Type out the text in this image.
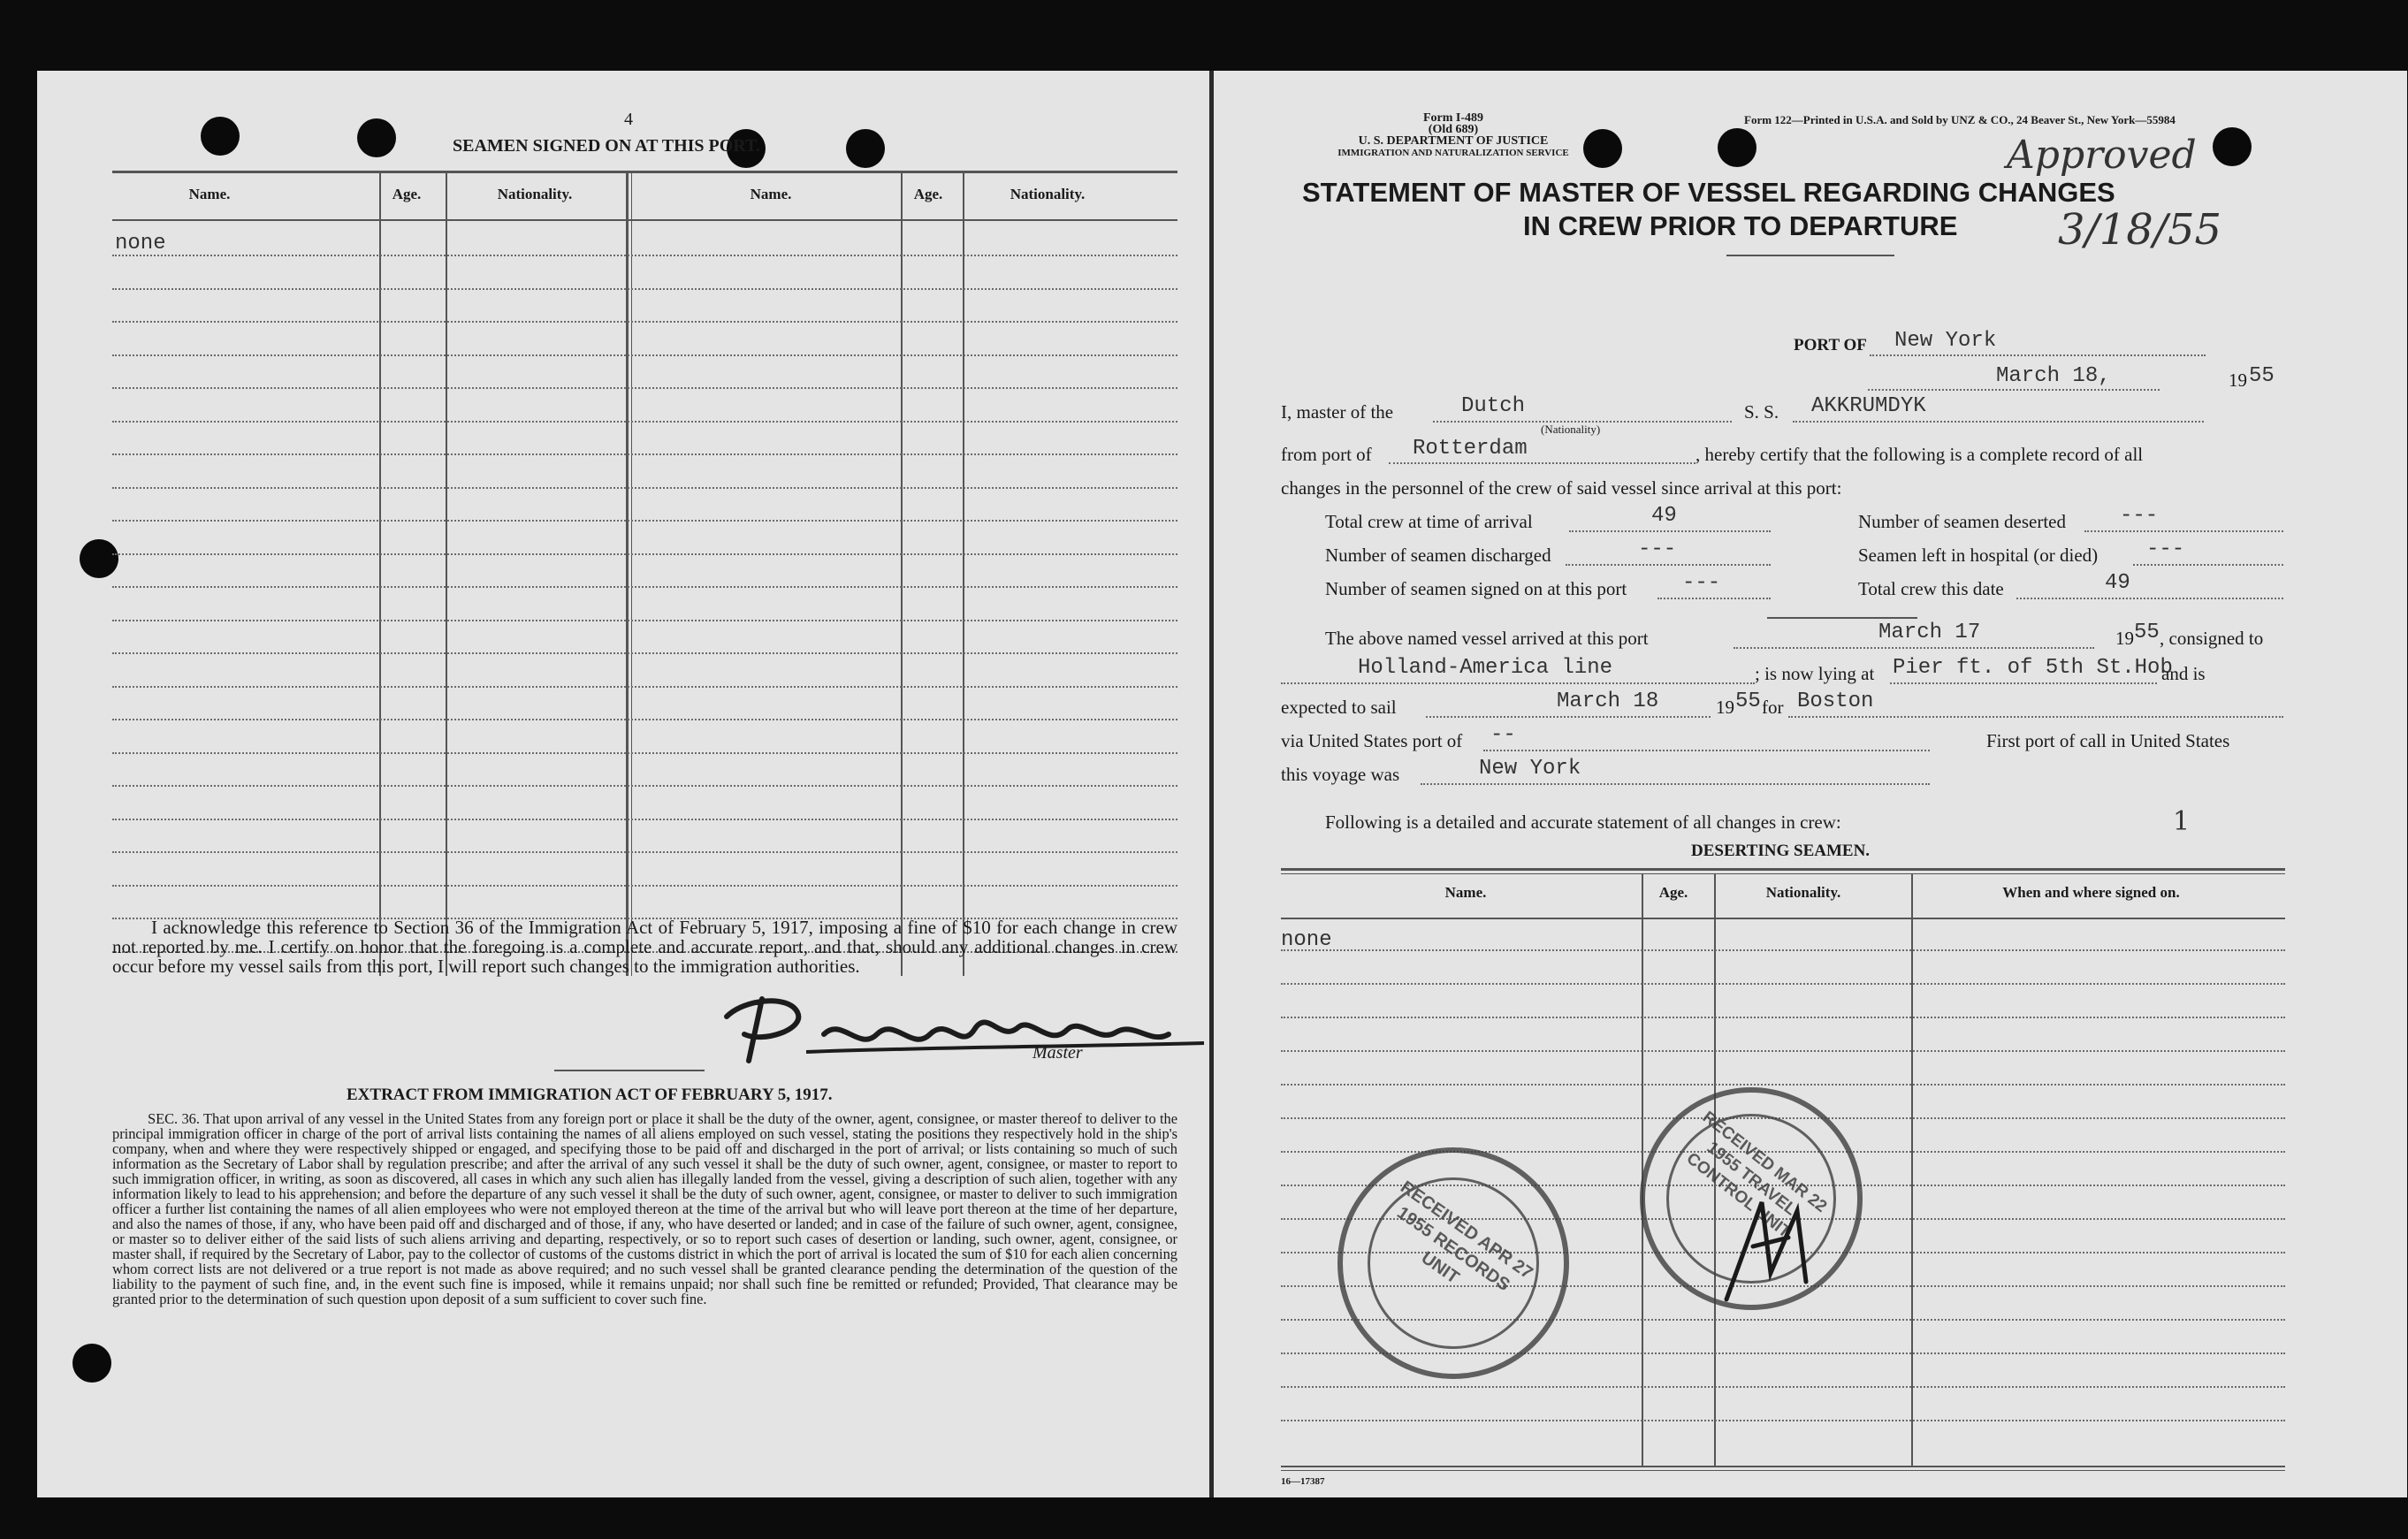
4
SEAMEN SIGNED ON AT THIS PORT.
Name.	Age.	Nationality.	Name.	Age.	Nationality.
none
I acknowledge this reference to Section 36 of the Immigration Act of February 5, 1917, imposing a fine of $10 for each change in crew not reported by me. I certify on honor that the foregoing is a complete and accurate report, and that, should any additional changes in crew occur before my vessel sails from this port, I will report such changes to the immigration authorities.
Master
EXTRACT FROM IMMIGRATION ACT OF FEBRUARY 5, 1917.
SEC. 36. That upon arrival of any vessel in the United States from any foreign port or place it shall be the duty of the owner, agent, consignee, or master thereof to deliver to the principal immigration officer in charge of the port of arrival lists containing the names of all aliens employed on such vessel, stating the positions they respectively hold in the ship's company, when and where they were respectively shipped or engaged, and specifying those to be paid off and discharged in the port of arrival; or lists containing so much of such information as the Secretary of Labor shall by regulation prescribe; and after the arrival of any such vessel it shall be the duty of such owner, agent, consignee, or master to report to such immigration officer, in writing, as soon as discovered, all cases in which any such alien has illegally landed from the vessel, giving a description of such alien, together with any information likely to lead to his apprehension; and before the departure of any such vessel it shall be the duty of such owner, agent, consignee, or master to deliver to such immigration officer a further list containing the names of all alien employees who were not employed thereon at the time of the arrival but who will leave port thereon at the time of her departure, and also the names of those, if any, who have been paid off and discharged and of those, if any, who have deserted or landed; and in case of the failure of such owner, agent, consignee, or master so to deliver either of the said lists of such aliens arriving and departing, respectively, or so to report such cases of desertion or landing, such owner, agent, consignee, or master shall, if required by the Secretary of Labor, pay to the collector of customs of the customs district in which the port of arrival is located the sum of $10 for each alien concerning whom correct lists are not delivered or a true report is not made as above required; and no such vessel shall be granted clearance pending the determination of the question of the liability to the payment of such fine, and, in the event such fine is imposed, while it remains unpaid; nor shall such fine be remitted or refunded; Provided, That clearance may be granted prior to the determination of such question upon deposit of a sum sufficient to cover such fine.
Form I-489
(Old 689)
U. S. DEPARTMENT OF JUSTICE
IMMIGRATION AND NATURALIZATION SERVICE
Form 122—Printed in U.S.A. and Sold by UNZ & CO., 24 Beaver St., New York—55984
Approved
3/18/55
STATEMENT OF MASTER OF VESSEL REGARDING CHANGES
IN CREW PRIOR TO DEPARTURE
PORT OF New York
March 18,	19 55
I, master of the	Dutch
(Nationality)
S. S. AKKRUMDYK
from port of Rotterdam	, hereby certify that the following is a complete record of all
changes in the personnel of the crew of said vessel since arrival at this port:
Total crew at time of arrival	49	Number of seamen deserted	---
Number of seamen discharged	---	Seamen left in hospital (or died) ---
Number of seamen signed on at this port	---	Total crew this date	49
The above named vessel arrived at this port	March 17	19 55 , consigned to
Holland-America line	; is now lying at Pier ft. of 5th St.Hob
and is
expected to sail	March 18	19 55 for Boston
via United States port of --	First port of call in United States
this voyage was	New York
Following is a detailed and accurate statement of all changes in crew:	1
DESERTING SEAMEN.
Name.	Age.	Nationality.	When and where signed on.
none
16—17387
RECEIVED APR 27 1955 RECORDS UNIT
RECEIVED MAR 22 1955 TRAVEL CONTROL UNIT
